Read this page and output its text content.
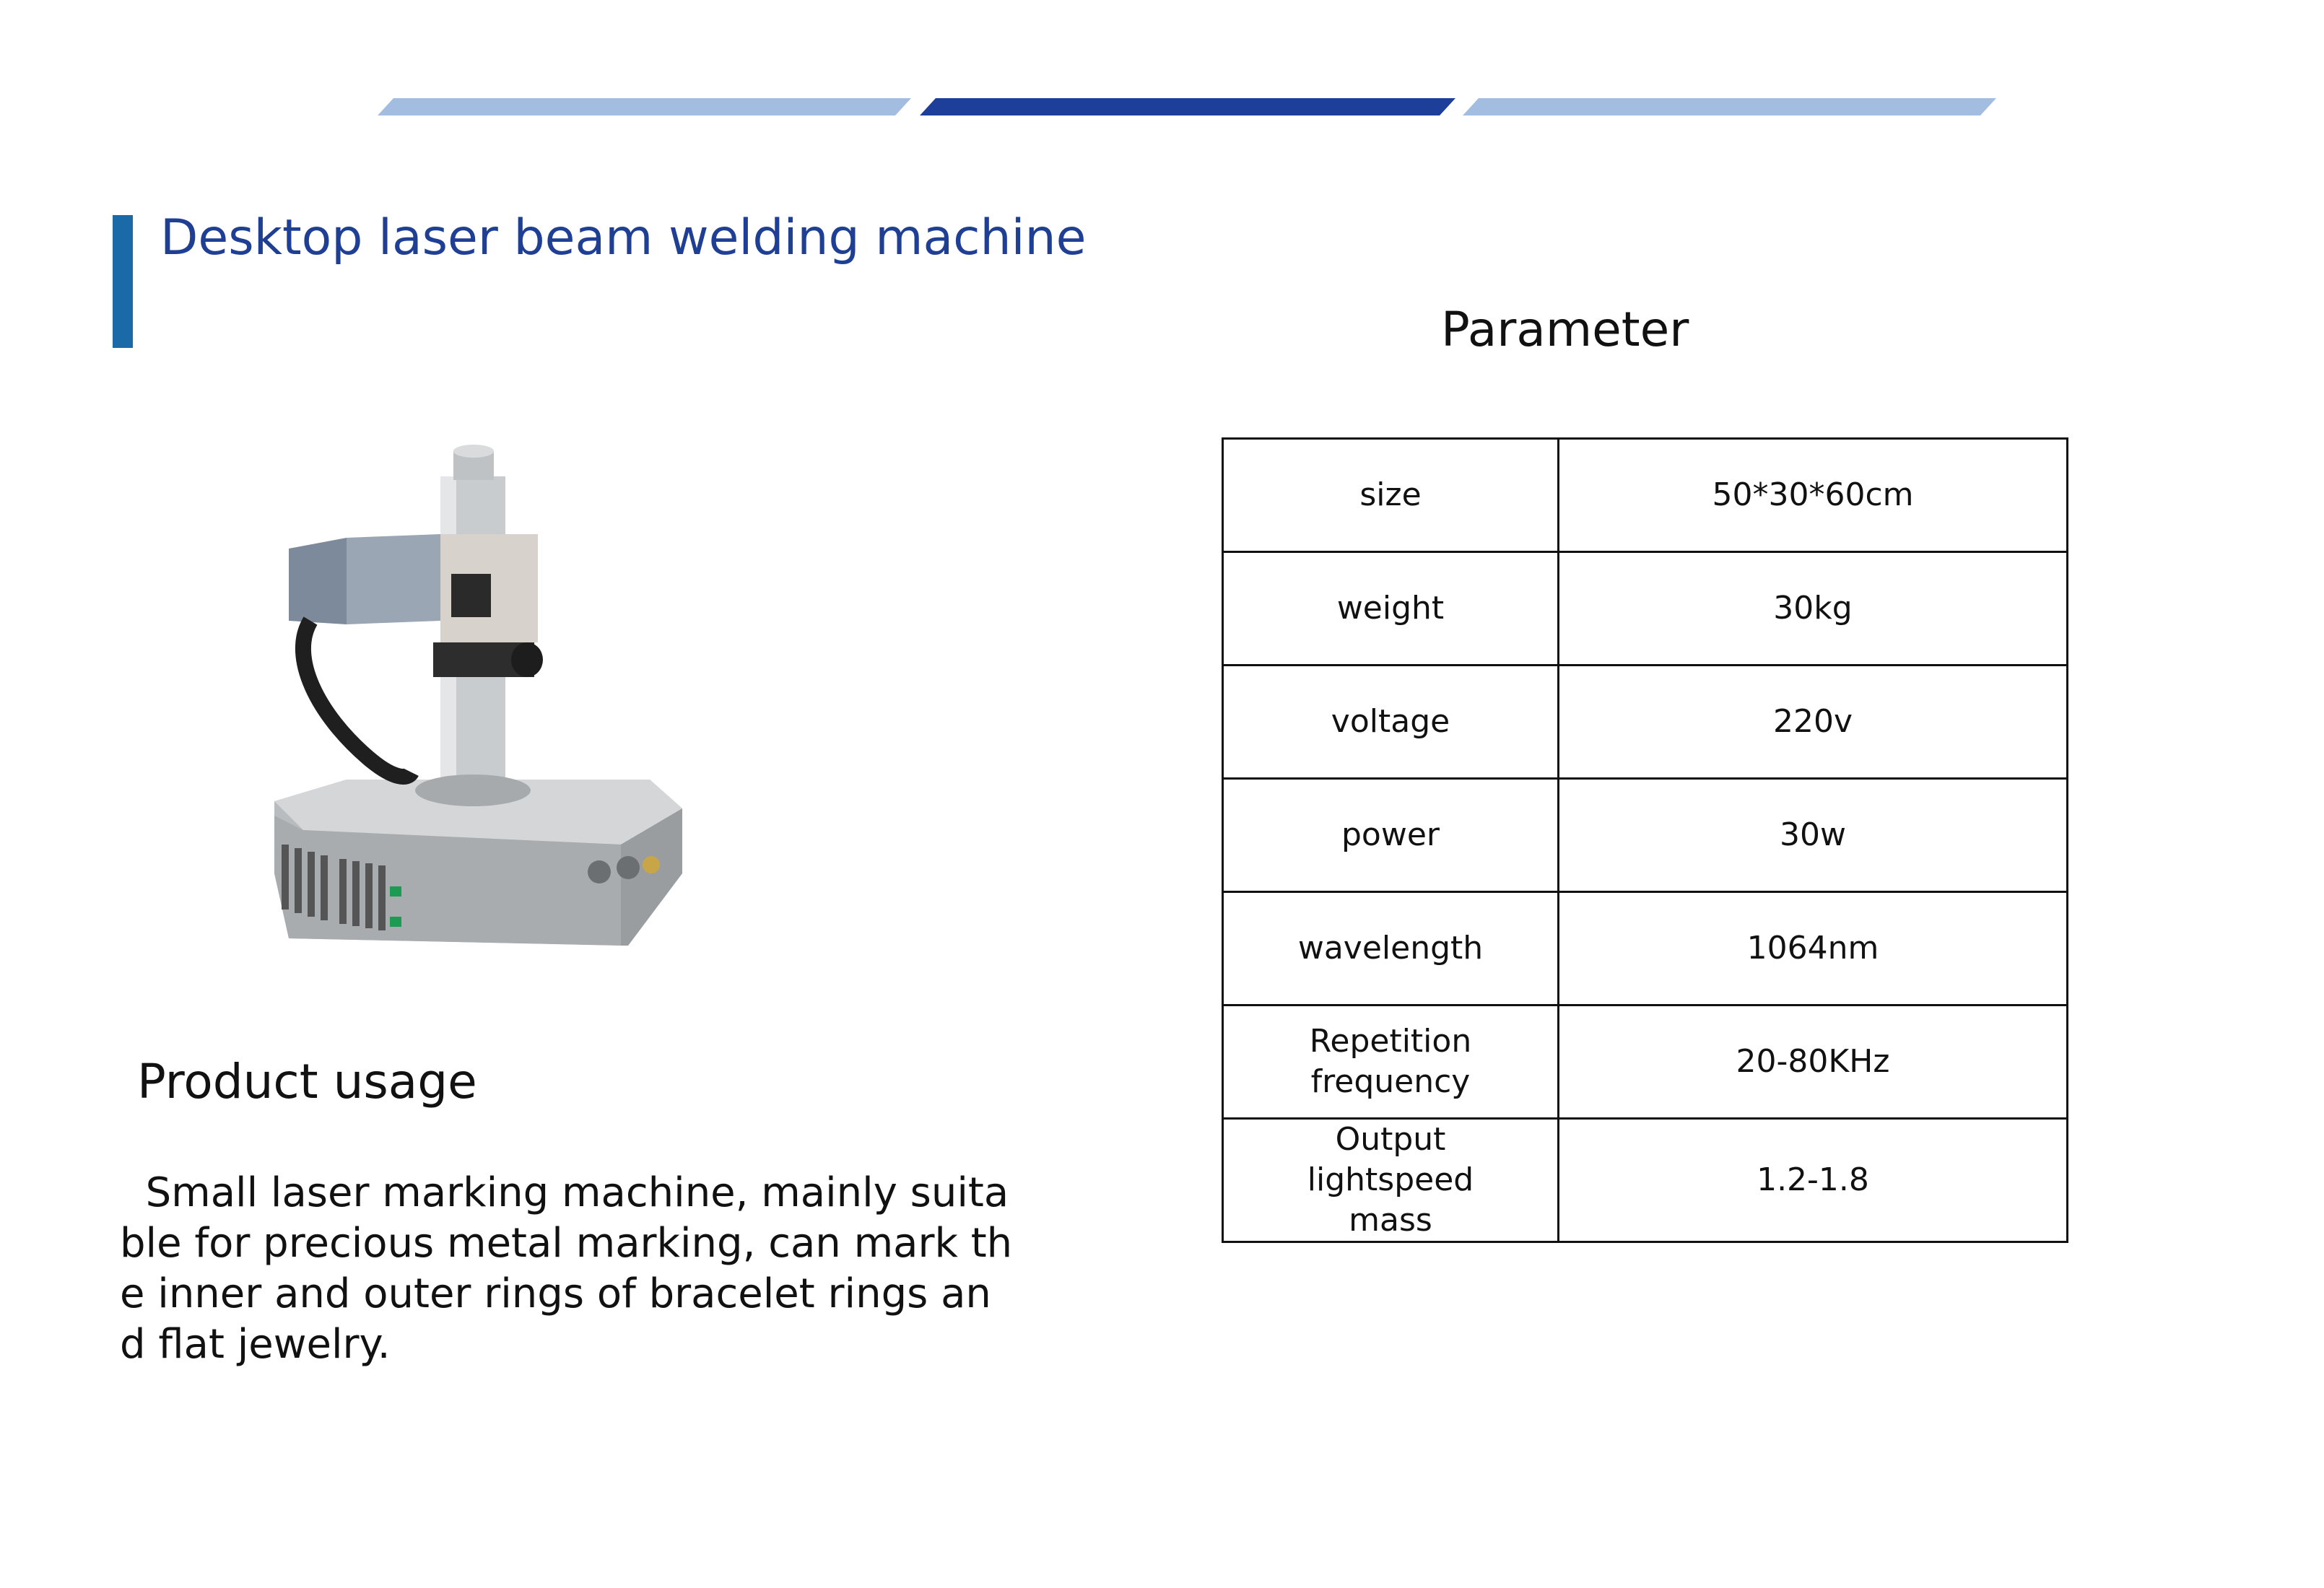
Desktop laser beam welding machine
Parameter
Product usage

Small laser marking machine, mainly suita
ble for precious metal marking, can mark th
e inner and outer rings of bracelet rings an
d flat jewelry.

size	50*30*60cm
weight	30kg
voltage	220v
power	30w
wavelength	1064nm
Repetition frequency	20-80KHz
Output lightspeed mass	1.2-1.8
